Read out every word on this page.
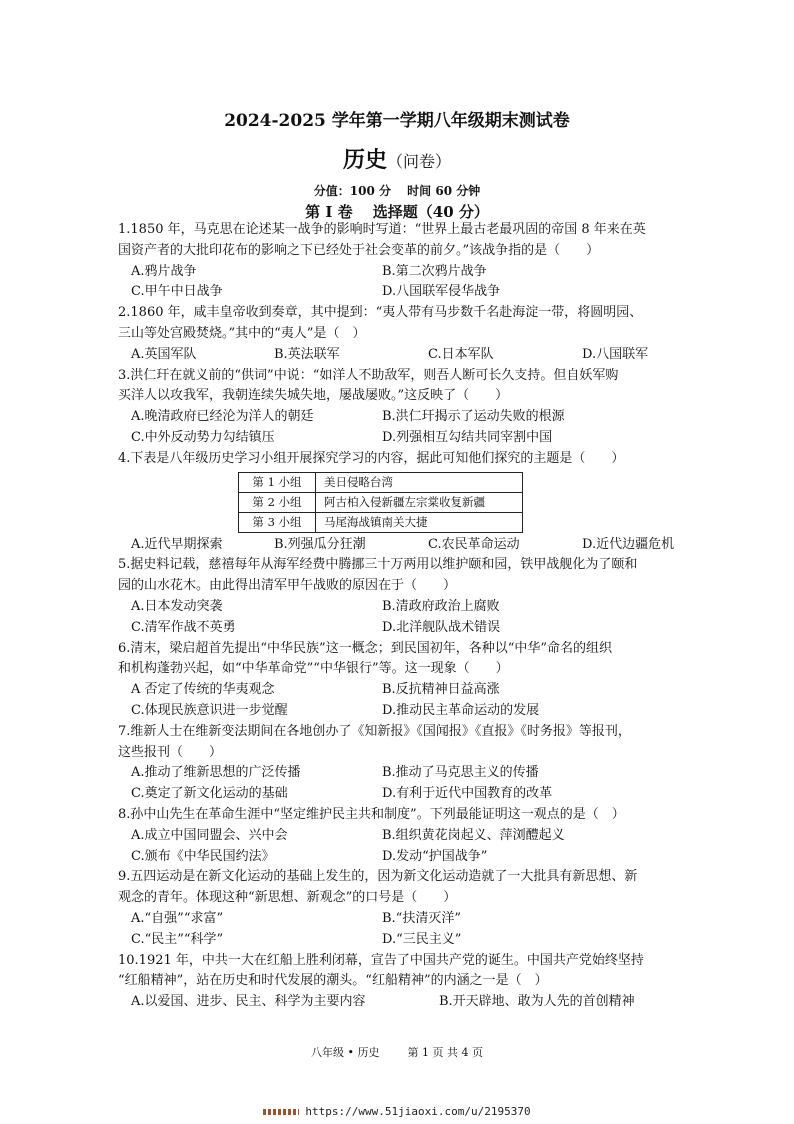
2024-2025 学年第一学期八年级期末测试卷
历史（问卷）
分值：100 分　 时间 60 分钟
第 I 卷　 选择题（40 分）
1.1850 年，马克思在论述某一战争的影响时写道：“世界上最古老最巩固的帝国 8 年来在英
国资产者的大批印花布的影响之下已经处于社会变革的前夕。”该战争指的是（　　）
A.鸦片战争	B.第二次鸦片战争
C.甲午中日战争	D.八国联军侵华战争
2.1860 年，咸丰皇帝收到奏章，其中提到：“夷人带有马步数千名赴海淀一带，将圆明园、
三山等处宫殿焚烧。”其中的“夷人”是（　）
A.英国军队	B.英法联军	C.日本军队	D.八国联军
3.洪仁玕在就义前的“供词”中说：“如洋人不助敌军，则吾人断可长久支持。但自妖军购
买洋人以攻我军，我朝连续失城失地，屡战屡败。”这反映了（　　）
A.晚清政府已经沦为洋人的朝廷	B.洪仁玕揭示了运动失败的根源
C.中外反动势力勾结镇压	D.列强相互勾结共同宰割中国
4.下表是八年级历史学习小组开展探究学习的内容，据此可知他们探究的主题是（　　）
第 1 小组	美日侵略台湾
第 2 小组	阿古柏入侵新疆左宗棠收复新疆
第 3 小组	马尾海战镇南关大捷
A.近代早期探索	B.列强瓜分狂潮	C.农民革命运动	D.近代边疆危机
5.据史料记载，慈禧每年从海军经费中腾挪三十万两用以维护颐和园，铁甲战舰化为了颐和
园的山水花木。由此得出清军甲午战败的原因在于（　　）
A.日本发动突袭	B.清政府政治上腐败
C.清军作战不英勇	D.北洋舰队战术错误
6.清末，梁启超首先提出“中华民族”这一概念；到民国初年，各种以“中华”命名的组织
和机构蓬勃兴起，如“中华革命党”“中华银行”等。这一现象（　　）
A 否定了传统的华夷观念	B.反抗精神日益高涨
C.体现民族意识进一步觉醒	D.推动民主革命运动的发展
7.维新人士在维新变法期间在各地创办了《知新报》《国闻报》《直报》《时务报》等报刊，
这些报刊（　　）
A.推动了维新思想的广泛传播	B.推动了马克思主义的传播
C.奠定了新文化运动的基础	D.有利于近代中国教育的改革
8.孙中山先生在革命生涯中“坚定维护民主共和制度”。下列最能证明这一观点的是（　）
A.成立中国同盟会、兴中会	B.组织黄花岗起义、萍浏醴起义
C.颁布《中华民国约法》	D.发动“护国战争”
9.五四运动是在新文化运动的基础上发生的，因为新文化运动造就了一大批具有新思想、新
观念的青年。体现这种“新思想、新观念”的口号是（　　）
A.“自强”“求富”	B.“扶清灭洋”
C.“民主”“科学”	D.“三民主义”
10.1921 年，中共一大在红船上胜利闭幕，宣告了中国共产党的诞生。中国共产党始终坚持
“红船精神”，站在历史和时代发展的潮头。“红船精神”的内涵之一是（　）
A.以爱国、进步、民主、科学为主要内容	B.开天辟地、敢为人先的首创精神
八年级 • 历史	第 1 页 共 4 页
https://www.51jiaoxi.com/u/2195370
